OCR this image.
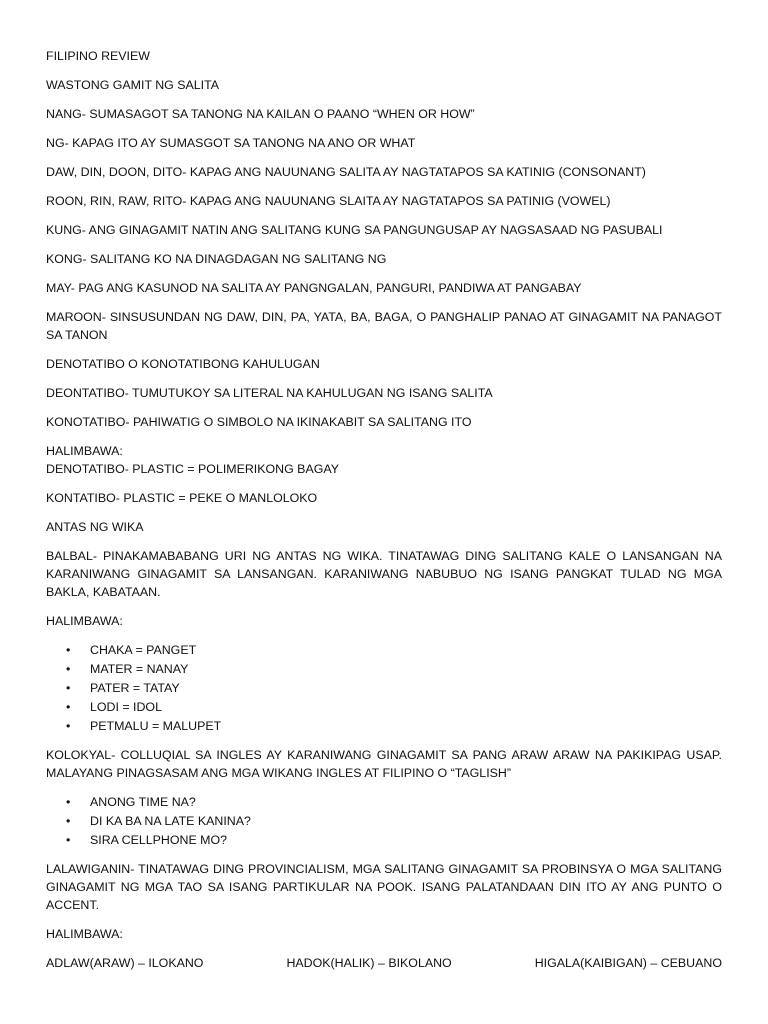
FILIPINO REVIEW
WASTONG GAMIT NG SALITA
NANG- SUMASAGOT SA TANONG NA KAILAN O PAANO “WHEN OR HOW”
NG- KAPAG ITO AY SUMASGOT SA TANONG NA ANO OR WHAT
DAW, DIN, DOON, DITO- KAPAG ANG NAUUNANG SALITA AY NAGTATAPOS SA KATINIG (CONSONANT)
ROON, RIN, RAW, RITO- KAPAG ANG NAUUNANG SLAITA AY NAGTATAPOS SA PATINIG (VOWEL)
KUNG- ANG GINAGAMIT NATIN ANG SALITANG KUNG SA PANGUNGUSAP AY NAGSASAAD NG PASUBALI
KONG- SALITANG KO NA DINAGDAGAN NG SALITANG NG
MAY- PAG ANG KASUNOD NA SALITA AY PANGNGALAN, PANGURI, PANDIWA AT PANGABAY
MAROON- SINSUSUNDAN NG DAW, DIN, PA, YATA, BA, BAGA, O PANGHALIP PANAO AT GINAGAMIT NA PANAGOT SA TANON
DENOTATIBO O KONOTATIBONG KAHULUGAN
DEONTATIBO- TUMUTUKOY SA LITERAL NA KAHULUGAN NG ISANG SALITA
KONOTATIBO- PAHIWATIG O SIMBOLO NA IKINAKABIT SA SALITANG ITO
HALIMBAWA:
DENOTATIBO- PLASTIC = POLIMERIKONG BAGAY
KONTATIBO- PLASTIC = PEKE O MANLOLOKO
ANTAS NG WIKA
BALBAL- PINAKAMABABANG URI NG ANTAS NG WIKA. TINATAWAG DING SALITANG KALE O LANSANGAN NA KARANIWANG GINAGAMIT SA LANSANGAN. KARANIWANG NABUBUO NG ISANG PANGKAT TULAD NG MGA BAKLA, KABATAAN.
HALIMBAWA:
• CHAKA = PANGET
• MATER = NANAY
• PATER = TATAY
• LODI = IDOL
• PETMALU = MALUPET
KOLOKYAL- COLLUQIAL SA INGLES AY KARANIWANG GINAGAMIT SA PANG ARAW ARAW NA PAKIKIPAG USAP. MALAYANG PINAGSASAM ANG MGA WIKANG INGLES AT FILIPINO O “TAGLISH”
• ANONG TIME NA?
• DI KA BA NA LATE KANINA?
• SIRA CELLPHONE MO?
LALAWIGANIN- TINATAWAG DING PROVINCIALISM, MGA SALITANG GINAGAMIT SA PROBINSYA O MGA SALITANG GINAGAMIT NG MGA TAO SA ISANG PARTIKULAR NA POOK. ISANG PALATANDAAN DIN ITO AY ANG PUNTO O ACCENT.
HALIMBAWA:
ADLAW(ARAW) – ILOKANO	HADOK(HALIK) – BIKOLANO	HIGALA(KAIBIGAN) – CEBUANO
